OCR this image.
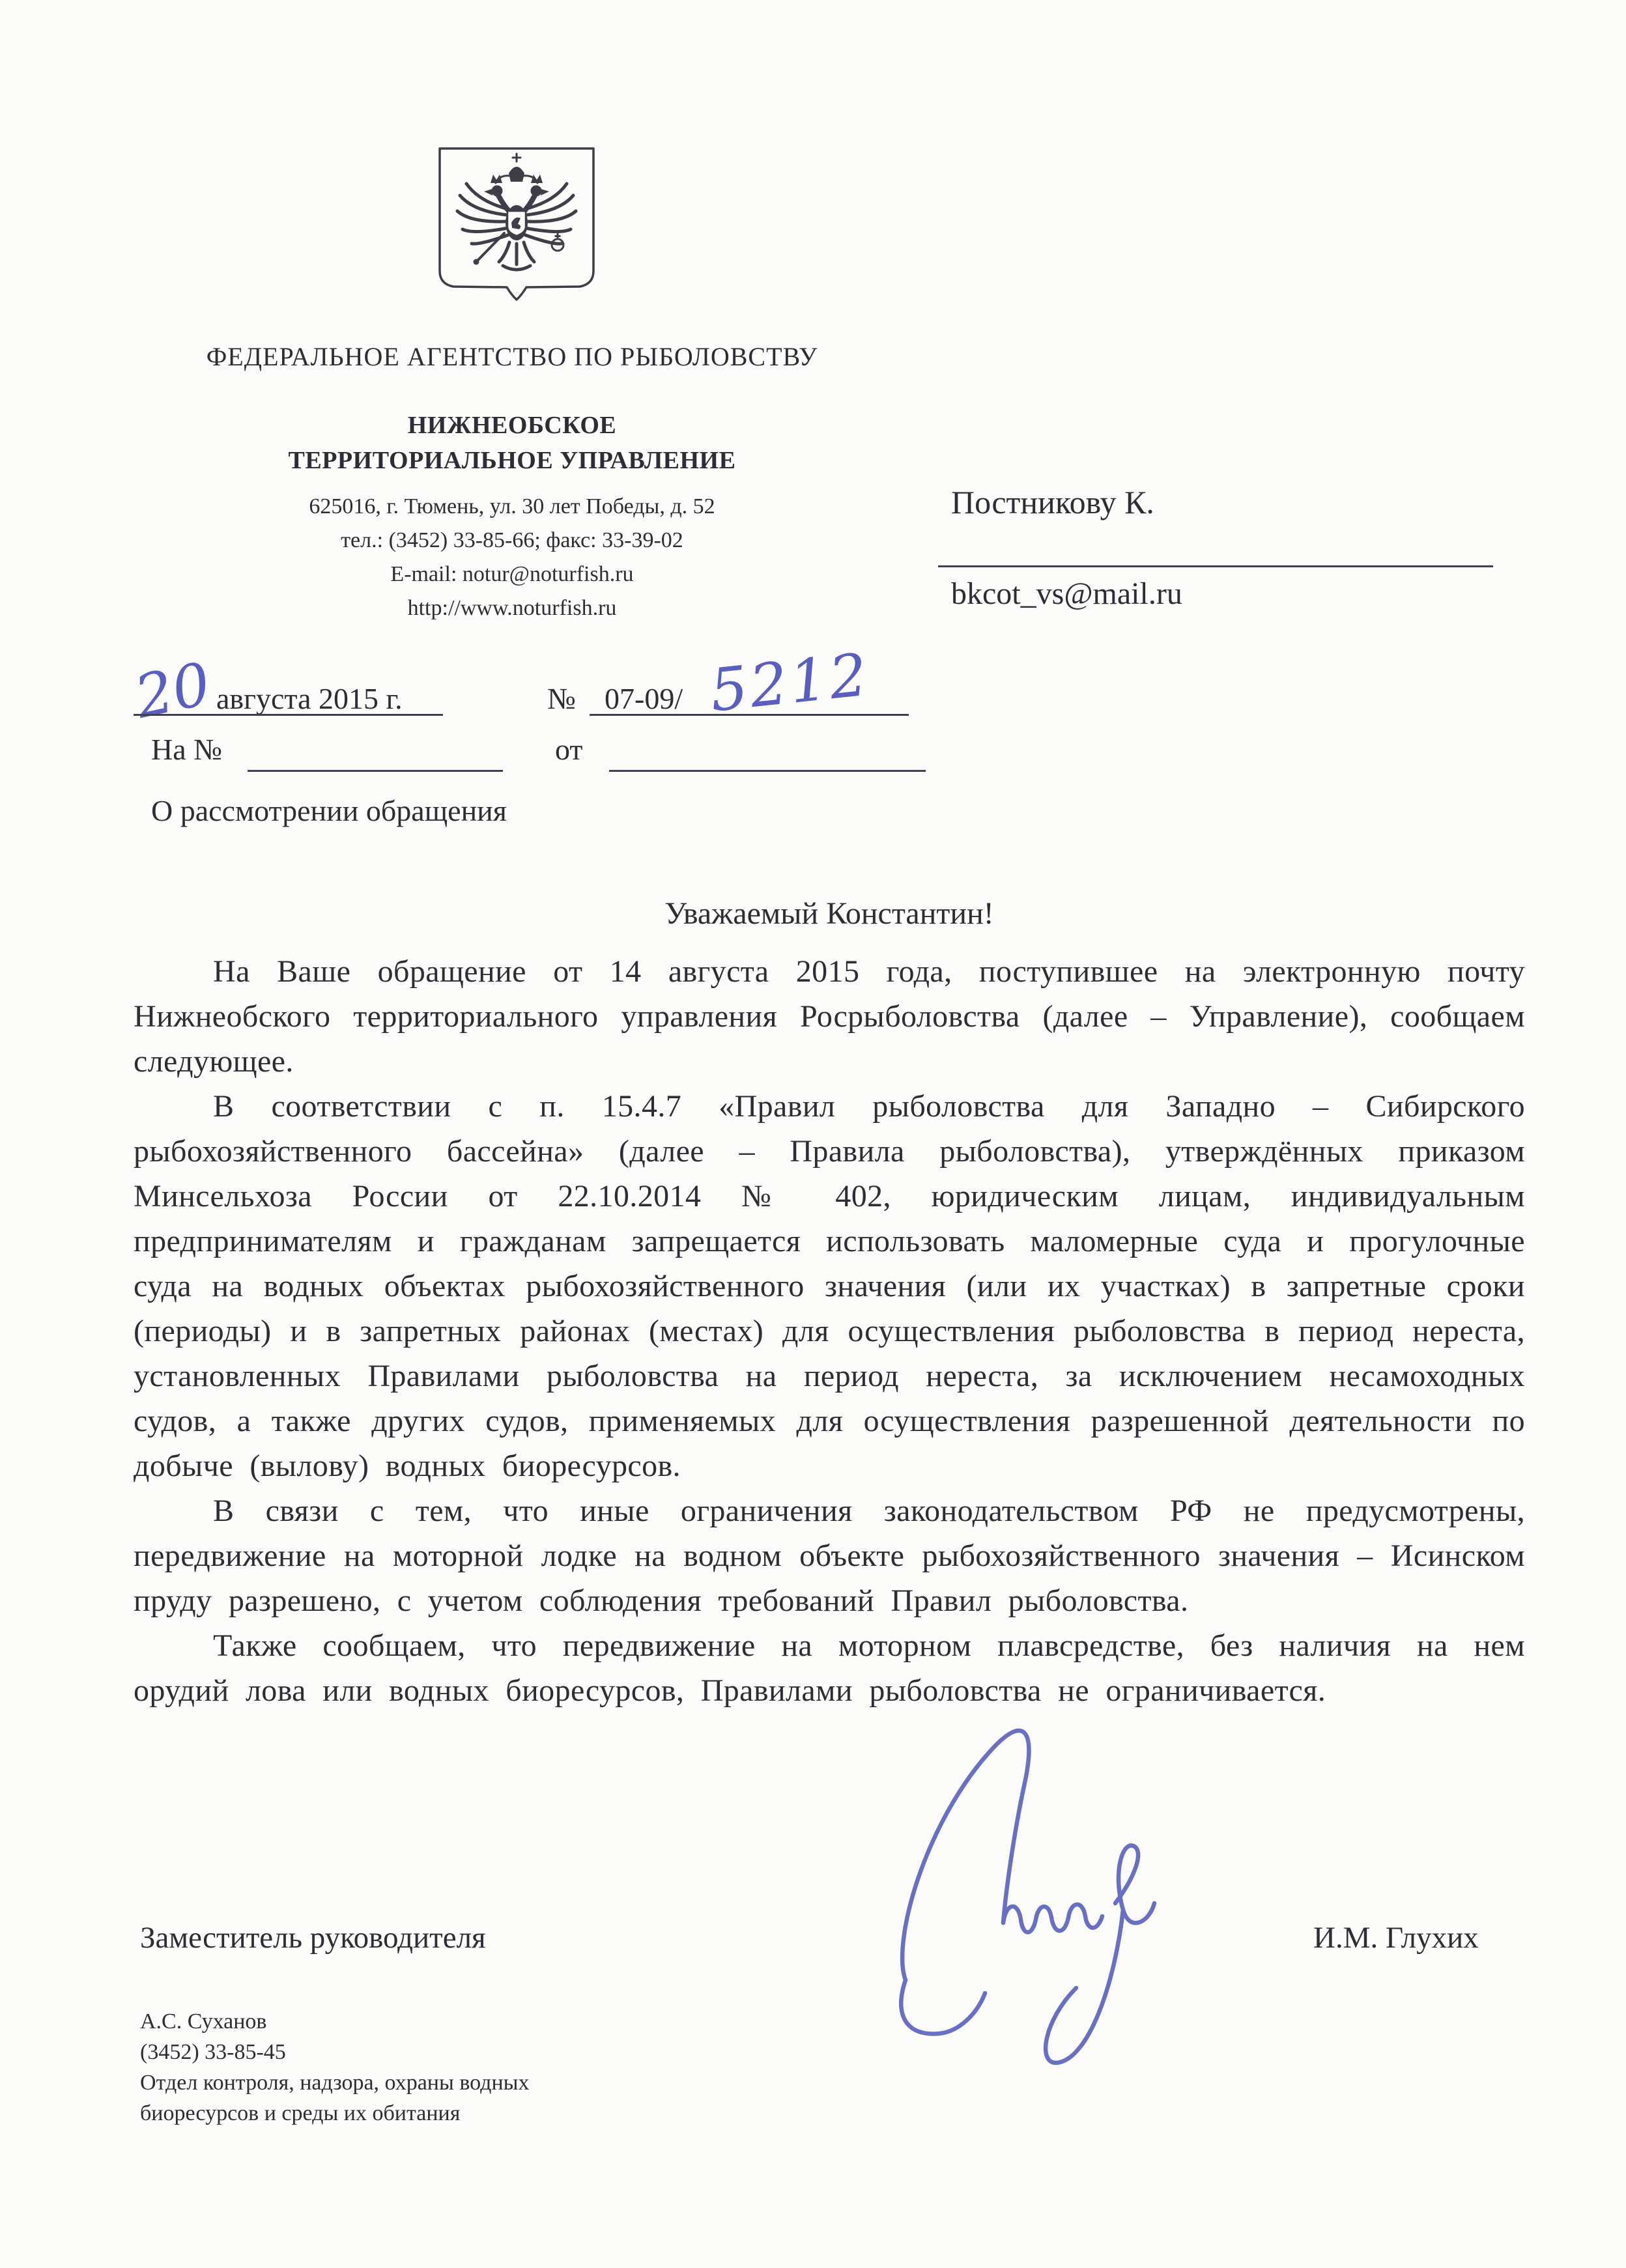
ФЕДЕРАЛЬНОЕ АГЕНТСТВО ПО РЫБОЛОВСТВУ
НИЖНЕОБСКОЕ
ТЕРРИТОРИАЛЬНОЕ УПРАВЛЕНИЕ
625016, г. Тюмень, ул. 30 лет Победы, д. 52
тел.: (3452) 33-85-66; факс: 33-39-02
E-mail: notur@noturfish.ru
http://www.noturfish.ru
Постникову К.
bkcot_vs@mail.ru
20 августа 2015 г.	№ 07-09/ 5212
На №	от
О рассмотрении обращения
Уважаемый Константин!

На Ваше обращение от 14 августа 2015 года, поступившее на электронную почту Нижнеобского территориального управления Росрыболовства (далее – Управление), сообщаем следующее.

В соответствии с п. 15.4.7 «Правил рыболовства для Западно – Сибирского рыбохозяйственного бассейна» (далее – Правила рыболовства), утверждённых приказом Минсельхоза России от 22.10.2014 № 402, юридическим лицам, индивидуальным предпринимателям и гражданам запрещается использовать маломерные суда и прогулочные суда на водных объектах рыбохозяйственного значения (или их участках) в запретные сроки (периоды) и в запретных районах (местах) для осуществления рыболовства в период нереста, установленных Правилами рыболовства на период нереста, за исключением несамоходных судов, а также других судов, применяемых для осуществления разрешенной деятельности по добыче (вылову) водных биоресурсов.

В связи с тем, что иные ограничения законодательством РФ не предусмотрены, передвижение на моторной лодке на водном объекте рыбохозяйственного значения – Исинском пруду разрешено, с учетом соблюдения требований Правил рыболовства.

Также сообщаем, что передвижение на моторном плавсредстве, без наличия на нем орудий лова или водных биоресурсов, Правилами рыболовства не ограничивается.

Заместитель руководителя	И.М. Глухих
А.С. Суханов
(3452) 33-85-45
Отдел контроля, надзора, охраны водных
биоресурсов и среды их обитания
